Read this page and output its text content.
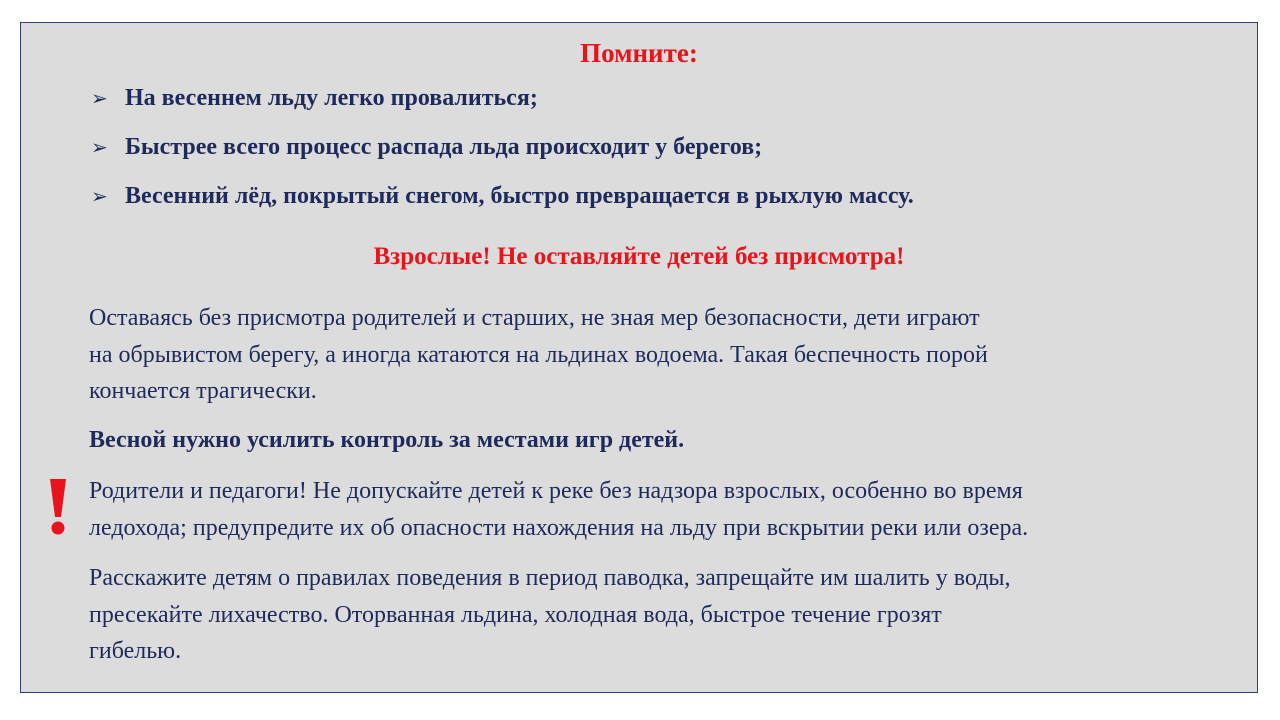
Помните:
➢ На весеннем льду легко провалиться;
➢ Быстрее всего процесс распада льда происходит у берегов;
➢ Весенний лёд, покрытый снегом, быстро превращается в рыхлую массу.
Взрослые! Не оставляйте детей без присмотра!

Оставаясь без присмотра родителей и старших, не зная мер безопасности, дети играют
на обрывистом берегу, а иногда катаются на льдинах водоема. Такая беспечность порой
кончается трагически.

Весной нужно усилить контроль за местами игр детей.

Родители и педагоги! Не допускайте детей к реке без надзора взрослых, особенно во время
ледохода; предупредите их об опасности нахождения на льду при вскрытии реки или озера.

Расскажите детям о правилах поведения в период паводка, запрещайте им шалить у воды,
пресекайте лихачество. Оторванная льдина, холодная вода, быстрое течение грозят
гибелью.
